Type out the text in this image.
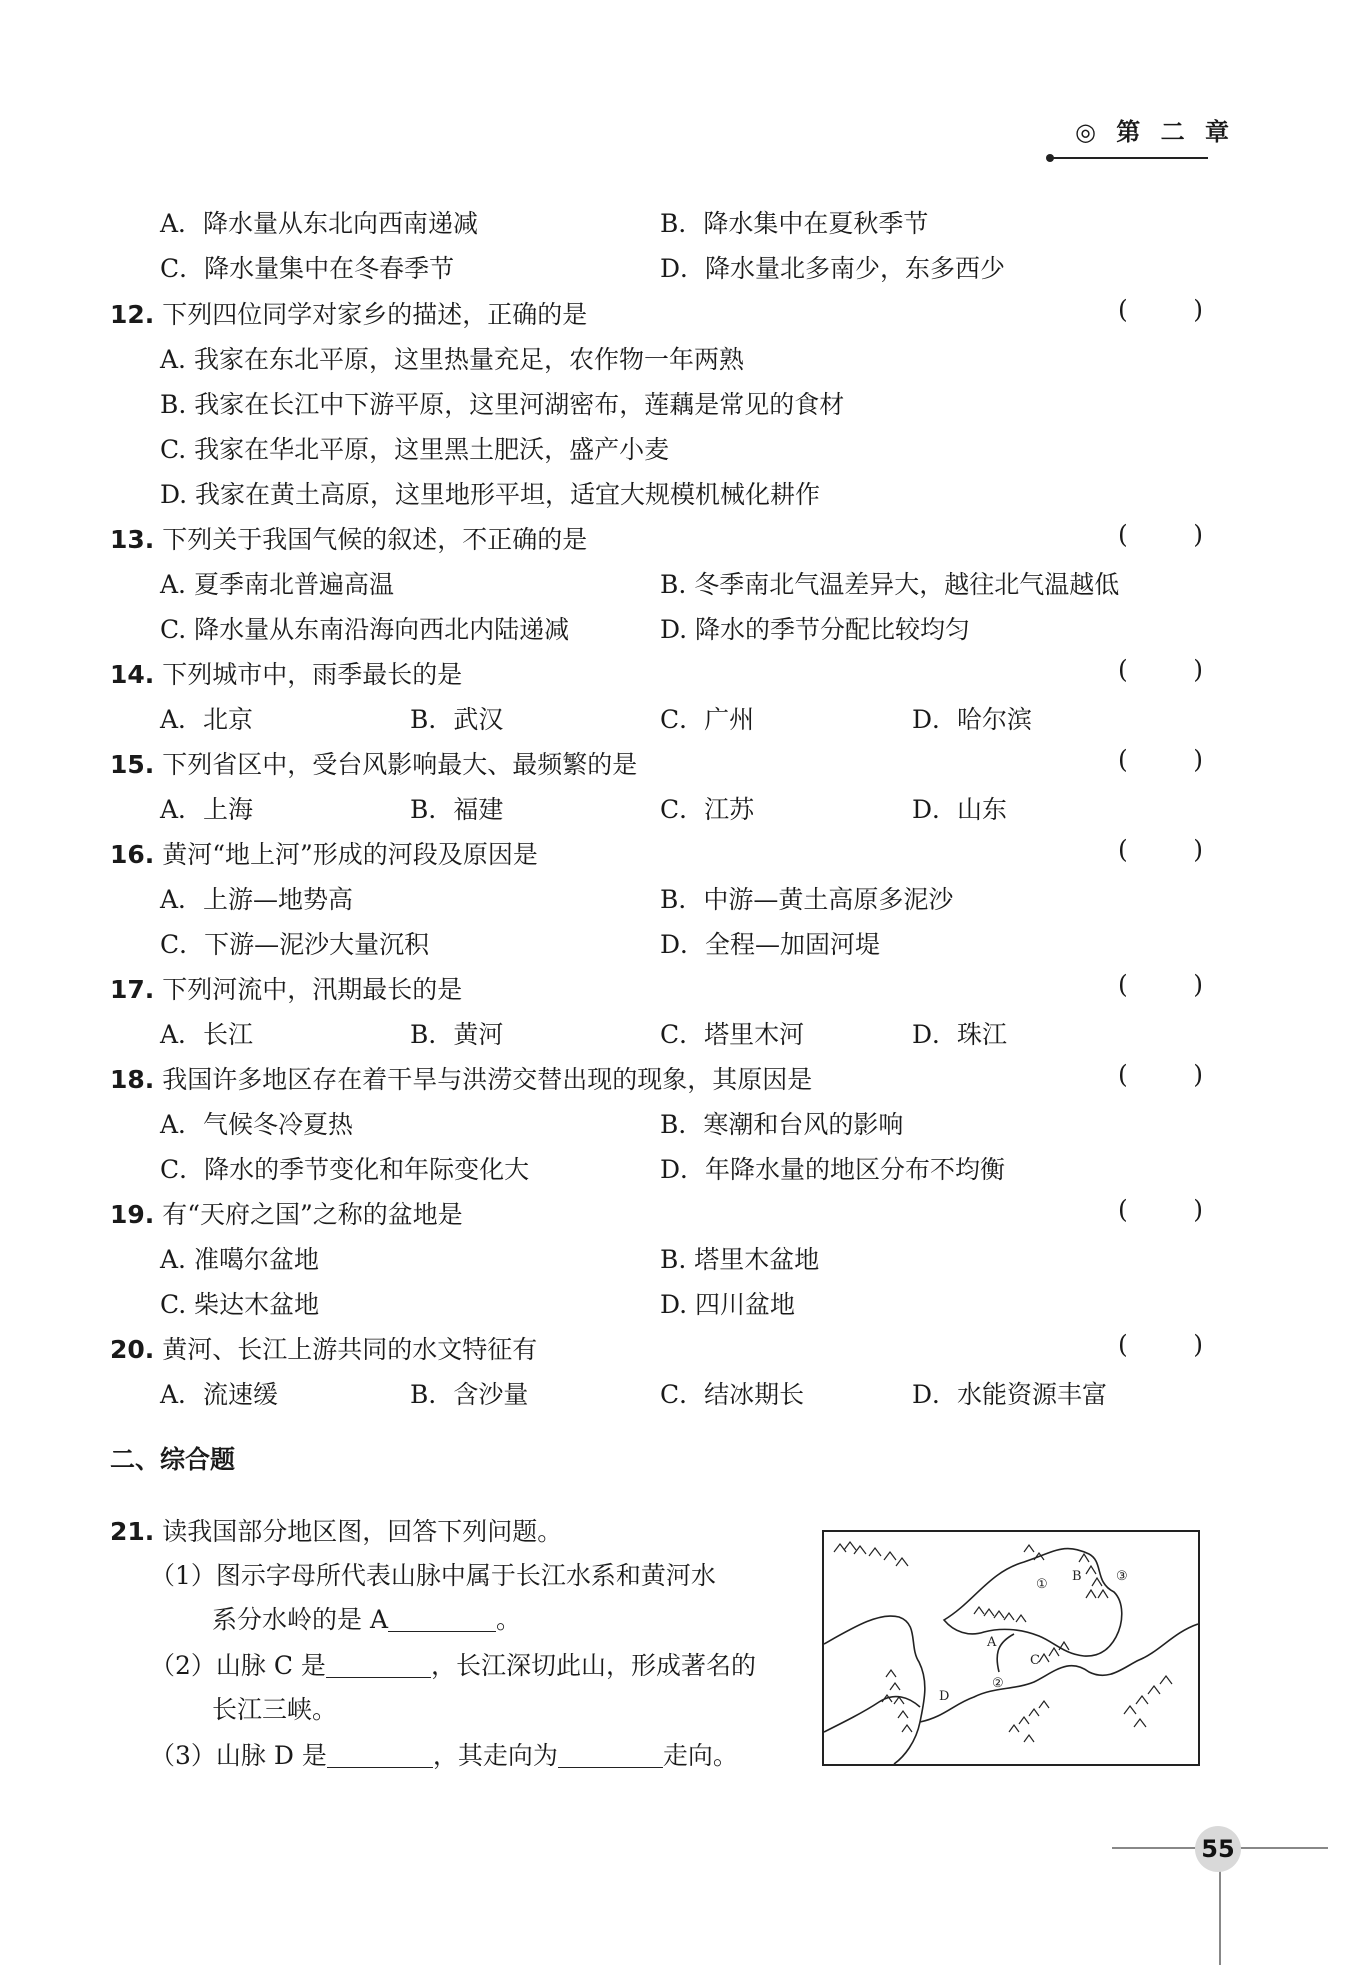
◎ 第 二 章
A．降水量从东北向西南递减	B．降水集中在夏秋季节
C．降水量集中在冬春季节	D．降水量北多南少，东多西少
12. 下列四位同学对家乡的描述，正确的是	(	)
A. 我家在东北平原，这里热量充足，农作物一年两熟
B. 我家在长江中下游平原，这里河湖密布，莲藕是常见的食材
C. 我家在华北平原，这里黑土肥沃，盛产小麦
D. 我家在黄土高原，这里地形平坦，适宜大规模机械化耕作
13. 下列关于我国气候的叙述，不正确的是	(	)
A. 夏季南北普遍高温	B. 冬季南北气温差异大，越往北气温越低
C. 降水量从东南沿海向西北内陆递减	D. 降水的季节分配比较均匀
14. 下列城市中，雨季最长的是	(	)
A．北京	B．武汉	C．广州	D．哈尔滨
15. 下列省区中，受台风影响最大、最频繁的是	(	)
A．上海	B．福建	C．江苏	D．山东
16. 黄河“地上河”形成的河段及原因是	(	)
A．上游—地势高	B．中游—黄土高原多泥沙
C．下游—泥沙大量沉积	D．全程—加固河堤
17. 下列河流中，汛期最长的是	(	)
A．长江	B．黄河	C．塔里木河	D．珠江
18. 我国许多地区存在着干旱与洪涝交替出现的现象，其原因是	(	)
A．气候冬冷夏热	B．寒潮和台风的影响
C．降水的季节变化和年际变化大	D．年降水量的地区分布不均衡
19. 有“天府之国”之称的盆地是	(	)
A. 准噶尔盆地	B. 塔里木盆地
C. 柴达木盆地	D. 四川盆地
20. 黄河、长江上游共同的水文特征有	(	)
A．流速缓	B．含沙量	C．结冰期长	D．水能资源丰富
二、综合题
21. 读我国部分地区图，回答下列问题。
（1）图示字母所代表山脉中属于长江水系和黄河水
系分水岭的是 A	。
（2）山脉 C 是	，长江深切此山，形成著名的
长江三峡。
（3）山脉 D 是	，其走向为	走向。
A
B
C
D
①
②
③
55
